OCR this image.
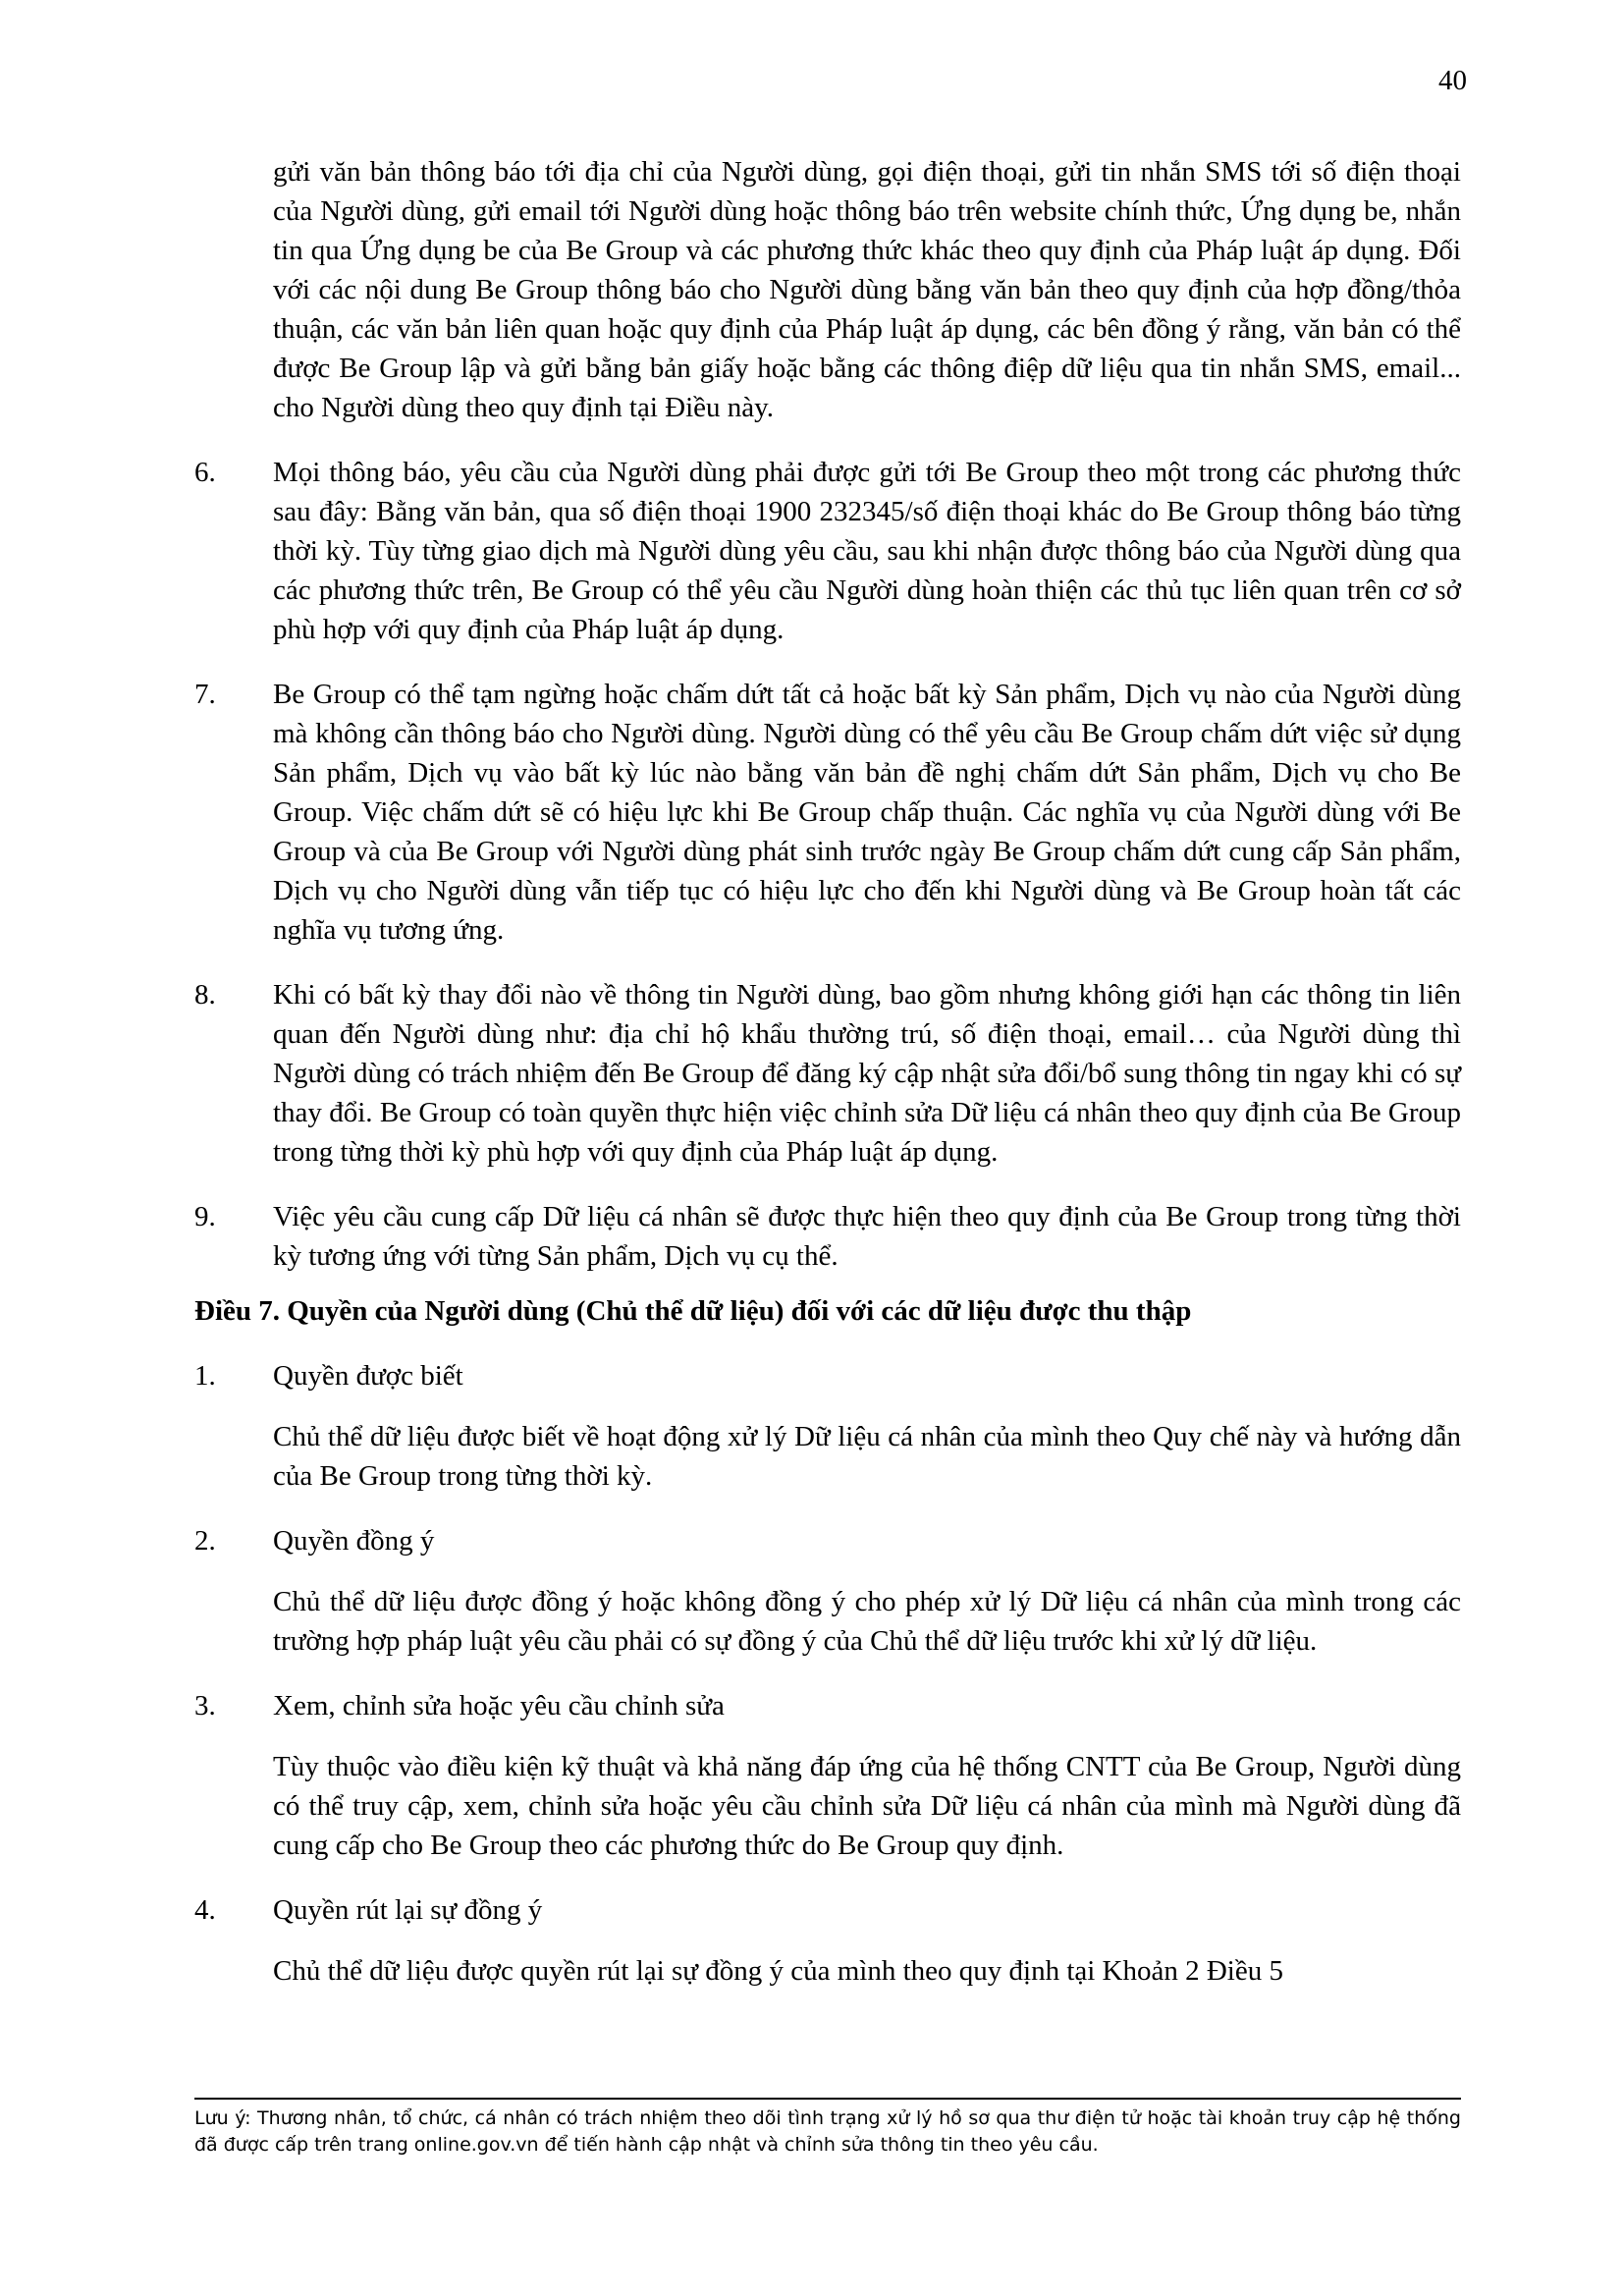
40
gửi văn bản thông báo tới địa chỉ của Người dùng, gọi điện thoại, gửi tin nhắn SMS tới số điện thoại của Người dùng, gửi email tới Người dùng hoặc thông báo trên website chính thức, Ứng dụng be, nhắn tin qua Ứng dụng be của Be Group và các phương thức khác theo quy định của Pháp luật áp dụng. Đối với các nội dung Be Group thông báo cho Người dùng bằng văn bản theo quy định của hợp đồng/thỏa thuận, các văn bản liên quan hoặc quy định của Pháp luật áp dụng, các bên đồng ý rằng, văn bản có thể được Be Group lập và gửi bằng bản giấy hoặc bằng các thông điệp dữ liệu qua tin nhắn SMS, email... cho Người dùng theo quy định tại Điều này.
6.	Mọi thông báo, yêu cầu của Người dùng phải được gửi tới Be Group theo một trong các phương thức sau đây: Bằng văn bản, qua số điện thoại 1900 232345/số điện thoại khác do Be Group thông báo từng thời kỳ. Tùy từng giao dịch mà Người dùng yêu cầu, sau khi nhận được thông báo của Người dùng qua các phương thức trên, Be Group có thể yêu cầu Người dùng hoàn thiện các thủ tục liên quan trên cơ sở phù hợp với quy định của Pháp luật áp dụng.
7.	Be Group có thể tạm ngừng hoặc chấm dứt tất cả hoặc bất kỳ Sản phẩm, Dịch vụ nào của Người dùng mà không cần thông báo cho Người dùng. Người dùng có thể yêu cầu Be Group chấm dứt việc sử dụng Sản phẩm, Dịch vụ vào bất kỳ lúc nào bằng văn bản đề nghị chấm dứt Sản phẩm, Dịch vụ cho Be Group. Việc chấm dứt sẽ có hiệu lực khi Be Group chấp thuận. Các nghĩa vụ của Người dùng với Be Group và của Be Group với Người dùng phát sinh trước ngày Be Group chấm dứt cung cấp Sản phẩm, Dịch vụ cho Người dùng vẫn tiếp tục có hiệu lực cho đến khi Người dùng và Be Group hoàn tất các nghĩa vụ tương ứng.
8.	Khi có bất kỳ thay đổi nào về thông tin Người dùng, bao gồm nhưng không giới hạn các thông tin liên quan đến Người dùng như: địa chỉ hộ khẩu thường trú, số điện thoại, email… của Người dùng thì Người dùng có trách nhiệm đến Be Group để đăng ký cập nhật sửa đổi/bổ sung thông tin ngay khi có sự thay đổi. Be Group có toàn quyền thực hiện việc chỉnh sửa Dữ liệu cá nhân theo quy định của Be Group trong từng thời kỳ phù hợp với quy định của Pháp luật áp dụng.
9.	Việc yêu cầu cung cấp Dữ liệu cá nhân sẽ được thực hiện theo quy định của Be Group trong từng thời kỳ tương ứng với từng Sản phẩm, Dịch vụ cụ thể.
Điều 7. Quyền của Người dùng (Chủ thể dữ liệu) đối với các dữ liệu được thu thập
1.	Quyền được biết
Chủ thể dữ liệu được biết về hoạt động xử lý Dữ liệu cá nhân của mình theo Quy chế này và hướng dẫn của Be Group trong từng thời kỳ.
2.	Quyền đồng ý
Chủ thể dữ liệu được đồng ý hoặc không đồng ý cho phép xử lý Dữ liệu cá nhân của mình trong các trường hợp pháp luật yêu cầu phải có sự đồng ý của Chủ thể dữ liệu trước khi xử lý dữ liệu.
3.	Xem, chỉnh sửa hoặc yêu cầu chỉnh sửa
Tùy thuộc vào điều kiện kỹ thuật và khả năng đáp ứng của hệ thống CNTT của Be Group, Người dùng có thể truy cập, xem, chỉnh sửa hoặc yêu cầu chỉnh sửa Dữ liệu cá nhân của mình mà Người dùng đã cung cấp cho Be Group theo các phương thức do Be Group quy định.
4.	Quyền rút lại sự đồng ý
Chủ thể dữ liệu được quyền rút lại sự đồng ý của mình theo quy định tại Khoản 2 Điều 5
Lưu ý: Thương nhân, tổ chức, cá nhân có trách nhiệm theo dõi tình trạng xử lý hồ sơ qua thư điện tử hoặc tài khoản truy cập hệ thống đã được cấp trên trang online.gov.vn để tiến hành cập nhật và chỉnh sửa thông tin theo yêu cầu.
